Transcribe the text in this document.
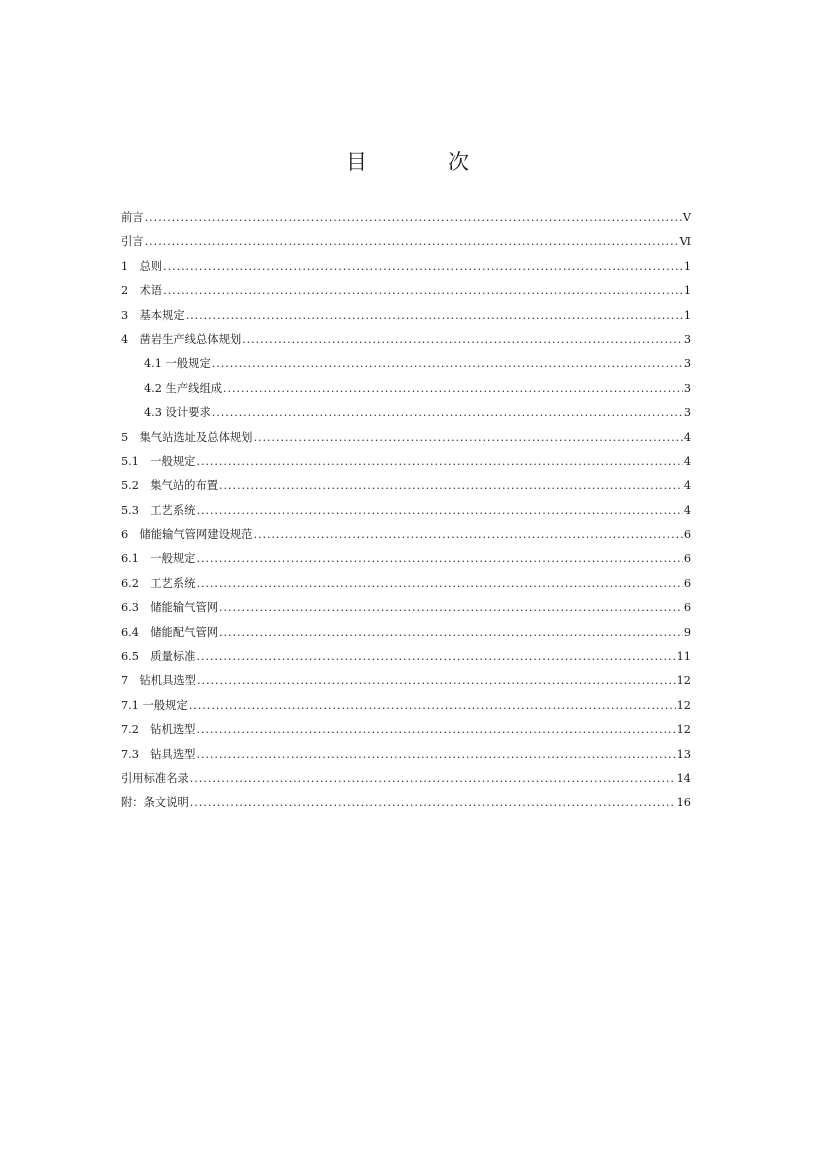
目　次
前言 .....	Ⅴ
引言 .....	Ⅵ
1　总则 .....	1
2　术语 .....	1
3　基本规定 .....	1
4　凿岩生产线总体规划 .....	3
4.1 一般规定 .....	3
4.2 生产线组成 .....	3
4.3 设计要求 .....	3
5　集气站选址及总体规划 .....	4
5.1　一般规定 .....	4
5.2　集气站的布置 .....	4
5.3　工艺系统 .....	4
6　储能输气管网建设规范 .....	6
6.1　一般规定 .....	6
6.2　工艺系统 .....	6
6.3　储能输气管网 .....	6
6.4　储能配气管网 .....	9
6.5　质量标准 .....	11
7　钻机具选型 .....	12
7.1 一般规定 .....	12
7.2　钻机选型 .....	12
7.3　钻具选型 .....	13
引用标准名录 .....	14
附：条文说明 .....	16
